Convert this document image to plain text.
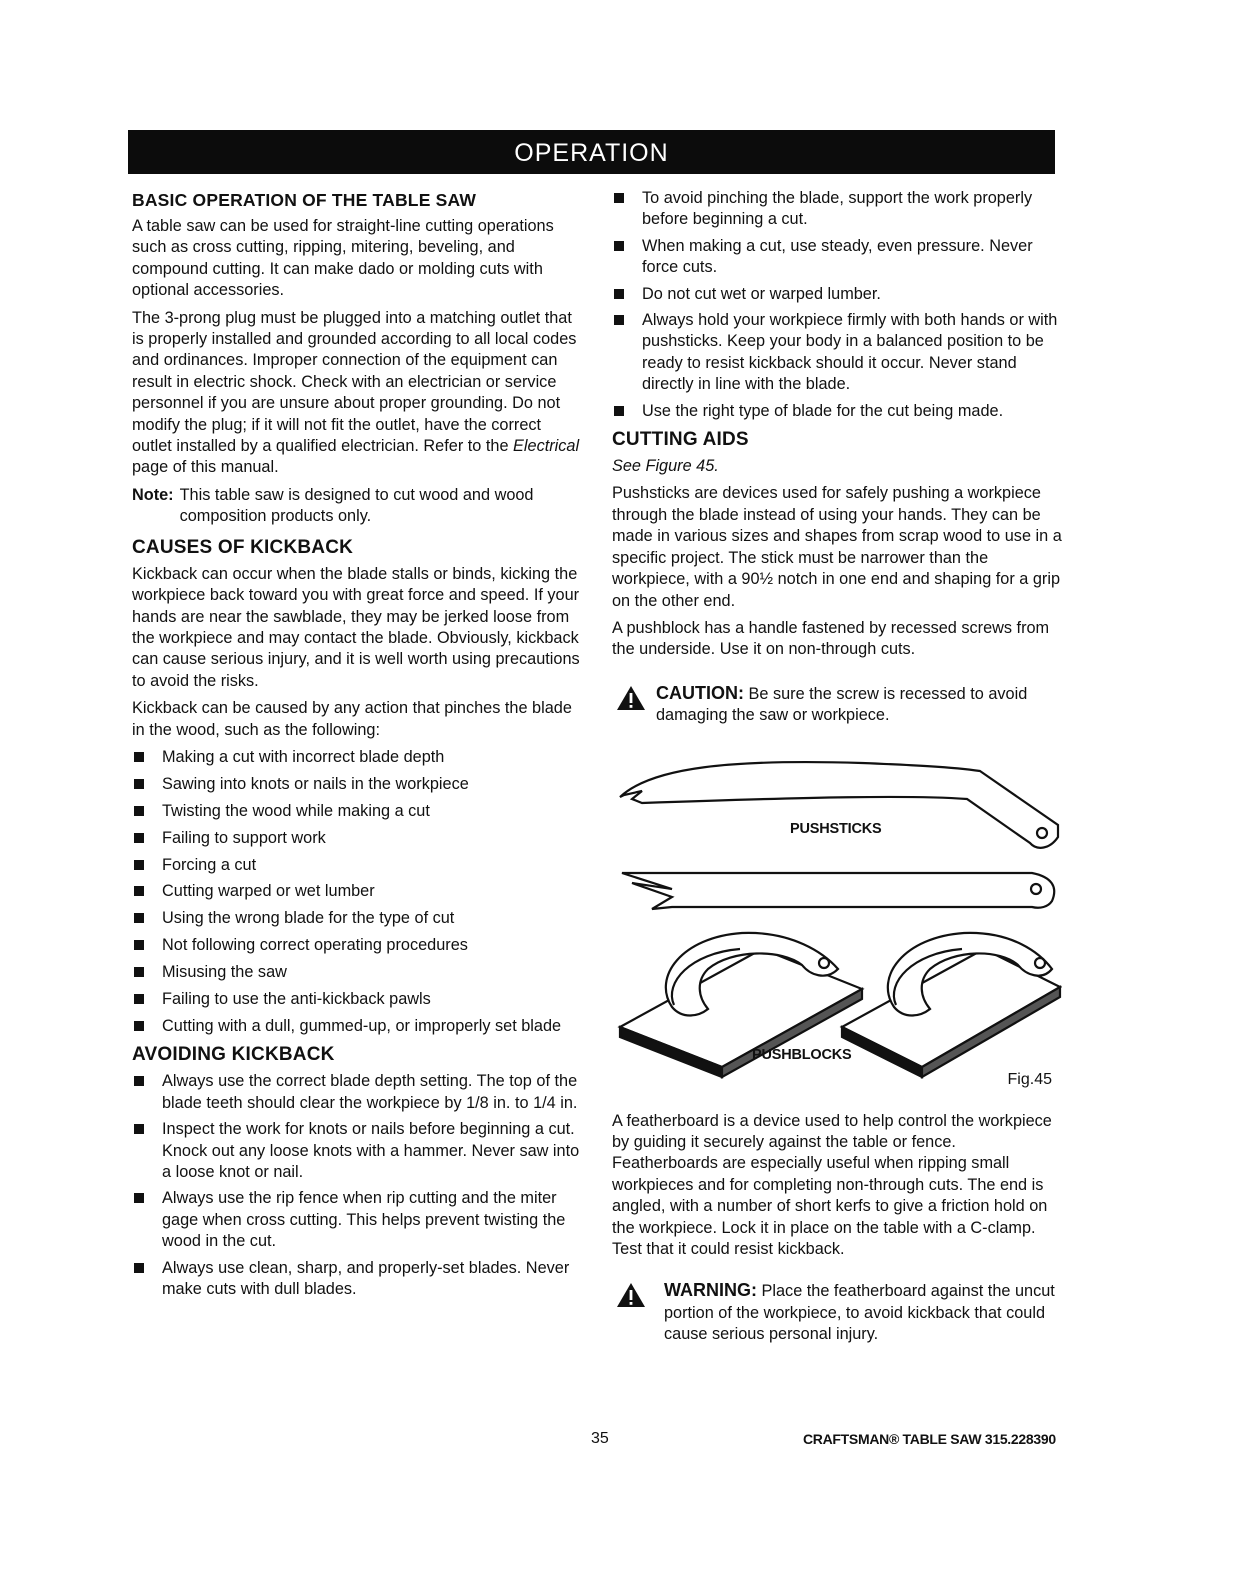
OPERATION
BASIC OPERATION OF THE TABLE SAW

A table saw can be used for straight-line cutting operations such as cross cutting, ripping, mitering, beveling, and compound cutting. It can make dado or molding cuts with optional accessories.

The 3-prong plug must be plugged into a matching outlet that is properly installed and grounded according to all local codes and ordinances. Improper connection of the equipment can result in electric shock. Check with an electrician or service personnel if you are unsure about proper grounding. Do not modify the plug; if it will not fit the outlet, have the correct outlet installed by a qualified electrician. Refer to the Electrical page of this manual.

Note: This table saw is designed to cut wood and wood composition products only.
CAUSES OF KICKBACK

Kickback can occur when the blade stalls or binds, kicking the workpiece back toward you with great force and speed. If your hands are near the sawblade, they may be jerked loose from the workpiece and may contact the blade. Obviously, kickback can cause serious injury, and it is well worth using precautions to avoid the risks.

Kickback can be caused by any action that pinches the blade in the wood, such as the following:

Making a cut with incorrect blade depth
Sawing into knots or nails in the workpiece
Twisting the wood while making a cut
Failing to support work
Forcing a cut
Cutting warped or wet lumber
Using the wrong blade for the type of cut
Not following correct operating procedures
Misusing the saw
Failing to use the anti-kickback pawls
Cutting with a dull, gummed-up, or improperly set blade
AVOIDING KICKBACK
Always use the correct blade depth setting. The top of the blade teeth should clear the workpiece by 1/8 in. to 1/4 in.
Inspect the work for knots or nails before beginning a cut. Knock out any loose knots with a hammer. Never saw into a loose knot or nail.
Always use the rip fence when rip cutting and the miter gage when cross cutting. This helps prevent twisting the wood in the cut.
Always use clean, sharp, and properly-set blades. Never make cuts with dull blades.
To avoid pinching the blade, support the work properly before beginning a cut.
When making a cut, use steady, even pressure. Never force cuts.
Do not cut wet or warped lumber.
Always hold your workpiece firmly with both hands or with pushsticks. Keep your body in a balanced position to be ready to resist kickback should it occur. Never stand directly in line with the blade.
Use the right type of blade for the cut being made.
CUTTING AIDS
See Figure 45.

Pushsticks are devices used for safely pushing a workpiece through the blade instead of using your hands. They can be made in various sizes and shapes from scrap wood to use in a specific project. The stick must be narrower than the workpiece, with a 90½ notch in one end and shaping for a grip on the other end.

A pushblock has a handle fastened by recessed screws from the underside. Use it on non-through cuts.

CAUTION: Be sure the screw is recessed to avoid damaging the saw or workpiece.
PUSHSTICKS
PUSHBLOCKS
Fig.45

A featherboard is a device used to help control the workpiece by guiding it securely against the table or fence. Featherboards are especially useful when ripping small workpieces and for completing non-through cuts. The end is angled, with a number of short kerfs to give a friction hold on the workpiece. Lock it in place on the table with a C-clamp. Test that it could resist kickback.

WARNING: Place the featherboard against the uncut portion of the workpiece, to avoid kickback that could cause serious personal injury.
35	CRAFTSMAN® TABLE SAW 315.228390
